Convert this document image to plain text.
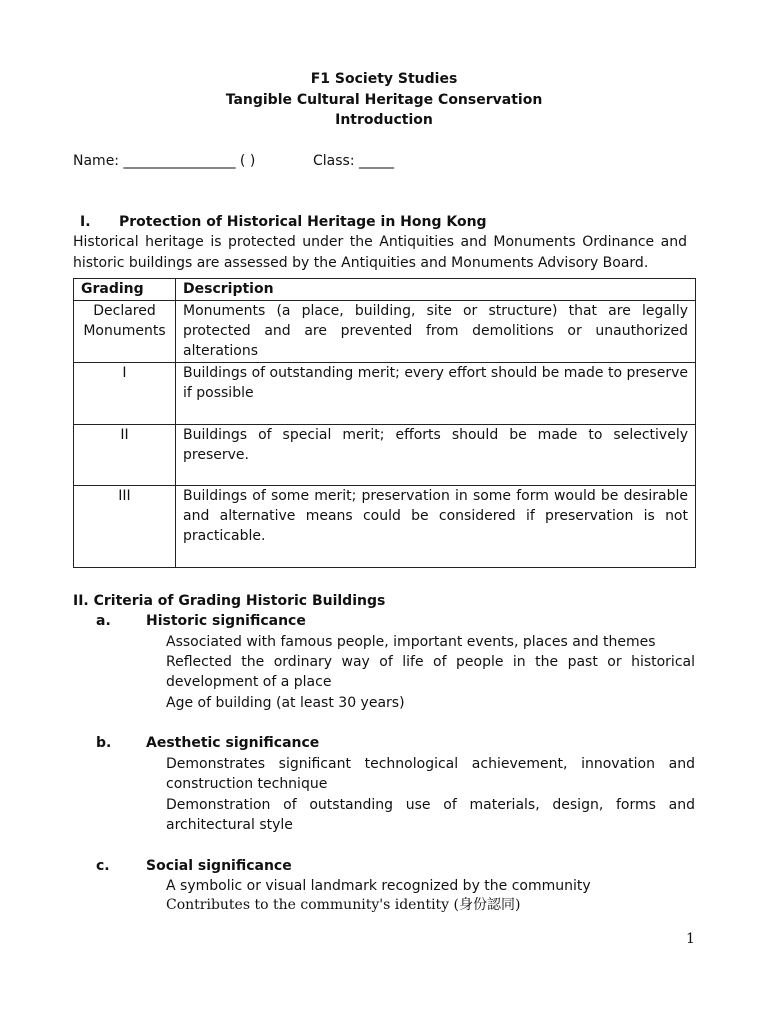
F1 Society Studies
Tangible Cultural Heritage Conservation
Introduction
Name: ________________ ( )	Class: _____
I. Protection of Historical Heritage in Hong Kong
Historical heritage is protected under the Antiquities and Monuments Ordinance and
historic buildings are assessed by the Antiquities and Monuments Advisory Board.
Grading	Description
Declared Monuments	Monuments (a place, building, site or structure) that are legally protected and are prevented from demolitions or unauthorized alterations
I	Buildings of outstanding merit; every effort should be made to preserve if possible
II	Buildings of special merit; efforts should be made to selectively preserve.
III	Buildings of some merit; preservation in some form would be desirable and alternative means could be considered if preservation is not practicable.
II. Criteria of Grading Historic Buildings
a.	Historic significance
Associated with famous people, important events, places and themes
Reflected the ordinary way of life of people in the past or historical development of a place
Age of building (at least 30 years)
b. Aesthetic significance
Demonstrates significant technological achievement, innovation and construction technique
Demonstration of outstanding use of materials, design, forms and architectural style
c.	Social significance
A symbolic or visual landmark recognized by the community
Contributes to the community's identity (身份認同)
1
